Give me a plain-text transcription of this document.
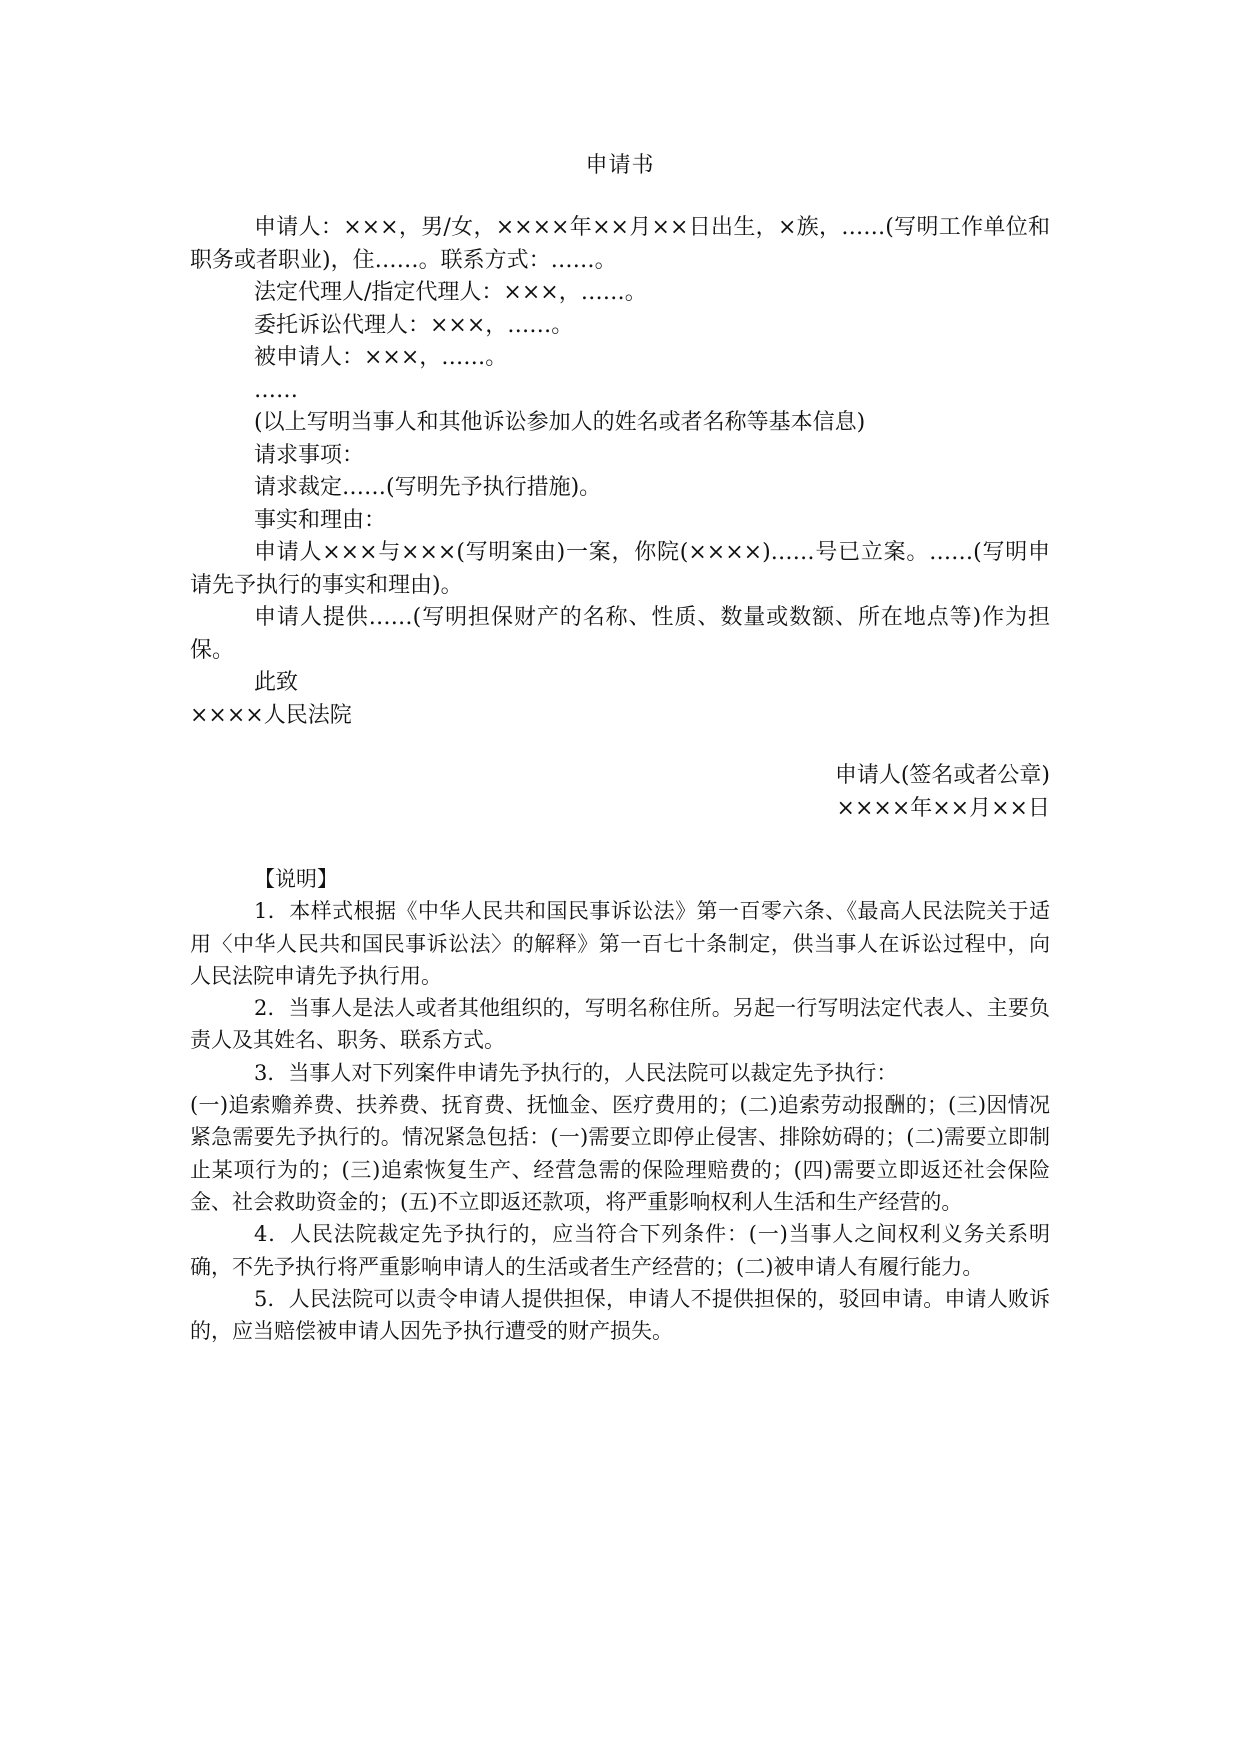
申请书

申请人：×××，男/女，××××年××月××日出生，×族，……(写明工作单位和职务或者职业)，住……。联系方式：……。

法定代理人/指定代理人：×××，……。

委托诉讼代理人：×××，……。

被申请人：×××，……。

……

(以上写明当事人和其他诉讼参加人的姓名或者名称等基本信息)

请求事项：

请求裁定……(写明先予执行措施)。

事实和理由：

申请人×××与×××(写明案由)一案，你院(××××)……号已立案。……(写明申请先予执行的事实和理由)。

申请人提供……(写明担保财产的名称、性质、数量或数额、所在地点等)作为担保。

此致

××××人民法院

申请人(签名或者公章)

××××年××月××日

【说明】

1．本样式根据《中华人民共和国民事诉讼法》第一百零六条、《最高人民法院关于适用〈中华人民共和国民事诉讼法〉的解释》第一百七十条制定，供当事人在诉讼过程中，向人民法院申请先予执行用。

2．当事人是法人或者其他组织的，写明名称住所。另起一行写明法定代表人、主要负责人及其姓名、职务、联系方式。

3．当事人对下列案件申请先予执行的，人民法院可以裁定先予执行：

(一)追索赡养费、扶养费、抚育费、抚恤金、医疗费用的；(二)追索劳动报酬的；(三)因情况紧急需要先予执行的。情况紧急包括：(一)需要立即停止侵害、排除妨碍的；(二)需要立即制止某项行为的；(三)追索恢复生产、经营急需的保险理赔费的；(四)需要立即返还社会保险金、社会救助资金的；(五)不立即返还款项，将严重影响权利人生活和生产经营的。

4．人民法院裁定先予执行的，应当符合下列条件：(一)当事人之间权利义务关系明确，不先予执行将严重影响申请人的生活或者生产经营的；(二)被申请人有履行能力。

5．人民法院可以责令申请人提供担保，申请人不提供担保的，驳回申请。申请人败诉的，应当赔偿被申请人因先予执行遭受的财产损失。
